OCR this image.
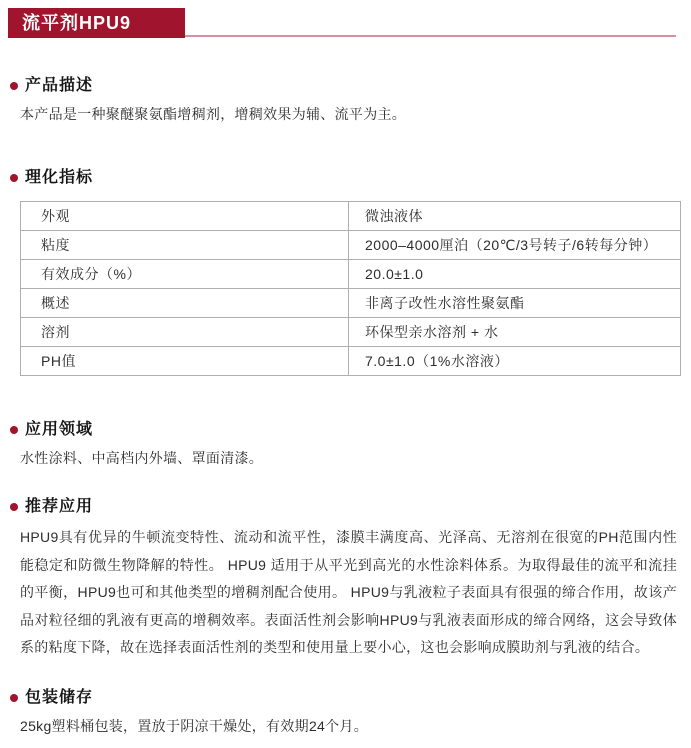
流平剂HPU9
产品描述

本产品是一种聚醚聚氨酯增稠剂，增稠效果为辅、流平为主。

理化指标
外观	微浊液体
粘度	2000–4000厘泊（20℃/3号转子/6转每分钟）
有效成分（%）	20.0±1.0
概述	非离子改性水溶性聚氨酯
溶剂	环保型亲水溶剂 + 水
PH值	7.0±1.0（1%水溶液）
应用领域

水性涂料、中高档内外墙、罩面清漆。

推荐应用

HPU9具有优异的牛顿流变特性、流动和流平性，漆膜丰满度高、光泽高、无溶剂在很宽的PH范围内性能稳定和防微生物降解的特性。 HPU9 适用于从平光到高光的水性涂料体系。为取得最佳的流平和流挂的平衡，HPU9也可和其他类型的增稠剂配合使用。 HPU9与乳液粒子表面具有很强的缔合作用，故该产品对粒径细的乳液有更高的增稠效率。表面活性剂会影响HPU9与乳液表面形成的缔合网络，这会导致体系的粘度下降，故在选择表面活性剂的类型和使用量上要小心，这也会影响成膜助剂与乳液的结合。

包装储存

25kg塑料桶包装，置放于阴凉干燥处，有效期24个月。
